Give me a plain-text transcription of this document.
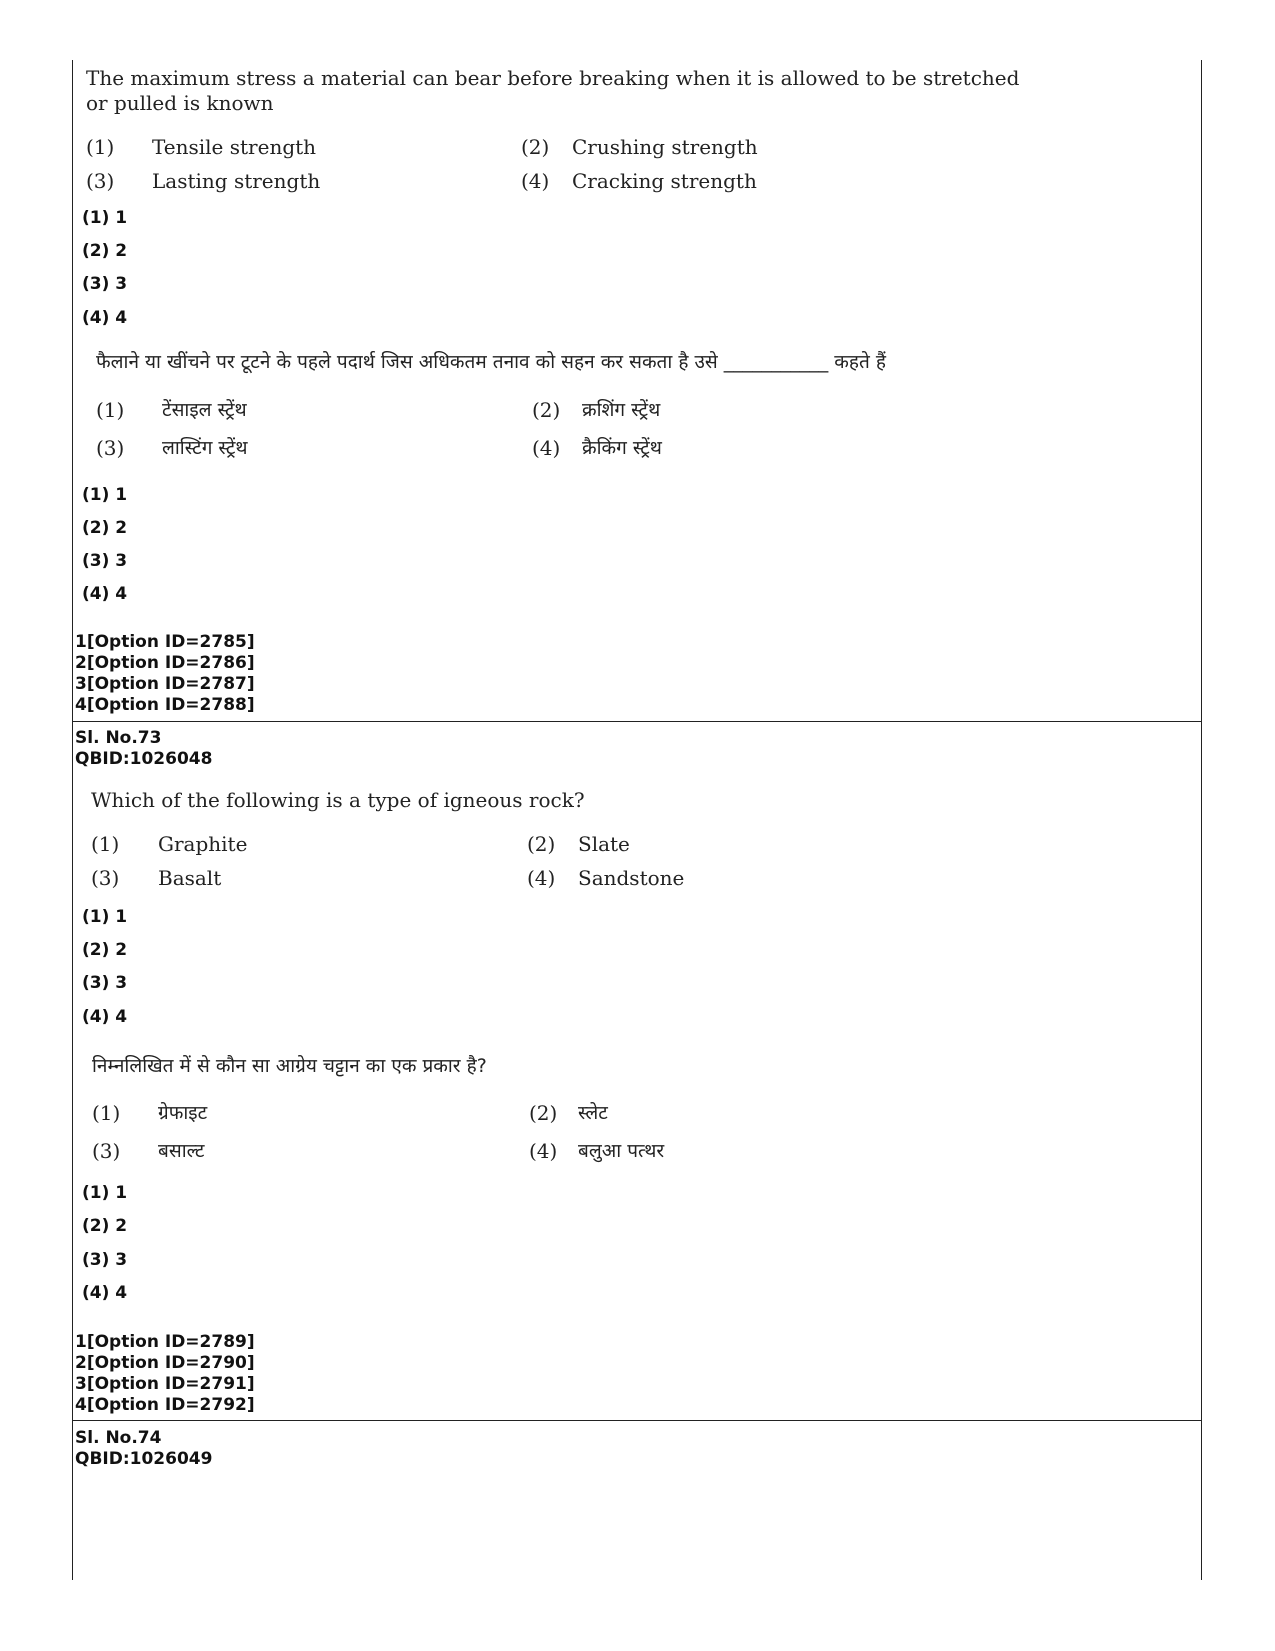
The maximum stress a material can bear before breaking when it is allowed to be stretched or pulled is known

(1) Tensile strength	(2) Crushing strength
(3) Lasting strength	(4) Cracking strength
(1) 1
(2) 2
(3) 3
(4) 4

फैलाने या खींचने पर टूटने के पहले पदार्थ जिस अधिकतम तनाव को सहन कर सकता है उसे ___________ कहते हैं

(1) टेंसाइल स्ट्रेंथ	(2) क्रशिंग स्ट्रेंथ
(3) लास्टिंग स्ट्रेंथ	(4) क्रैकिंग स्ट्रेंथ
(1) 1
(2) 2
(3) 3
(4) 4
1[Option ID=2785]
2[Option ID=2786]
3[Option ID=2787]
4[Option ID=2788]
Sl. No.73
QBID:1026048

Which of the following is a type of igneous rock?

(1) Graphite	(2) Slate
(3) Basalt	(4) Sandstone
(1) 1
(2) 2
(3) 3
(4) 4

निम्नलिखित में से कौन सा आग्रेय चट्टान का एक प्रकार है?

(1) ग्रेफाइट	(2) स्लेट
(3) बसाल्ट	(4) बलुआ पत्थर
(1) 1
(2) 2
(3) 3
(4) 4
1[Option ID=2789]
2[Option ID=2790]
3[Option ID=2791]
4[Option ID=2792]
Sl. No.74
QBID:1026049
